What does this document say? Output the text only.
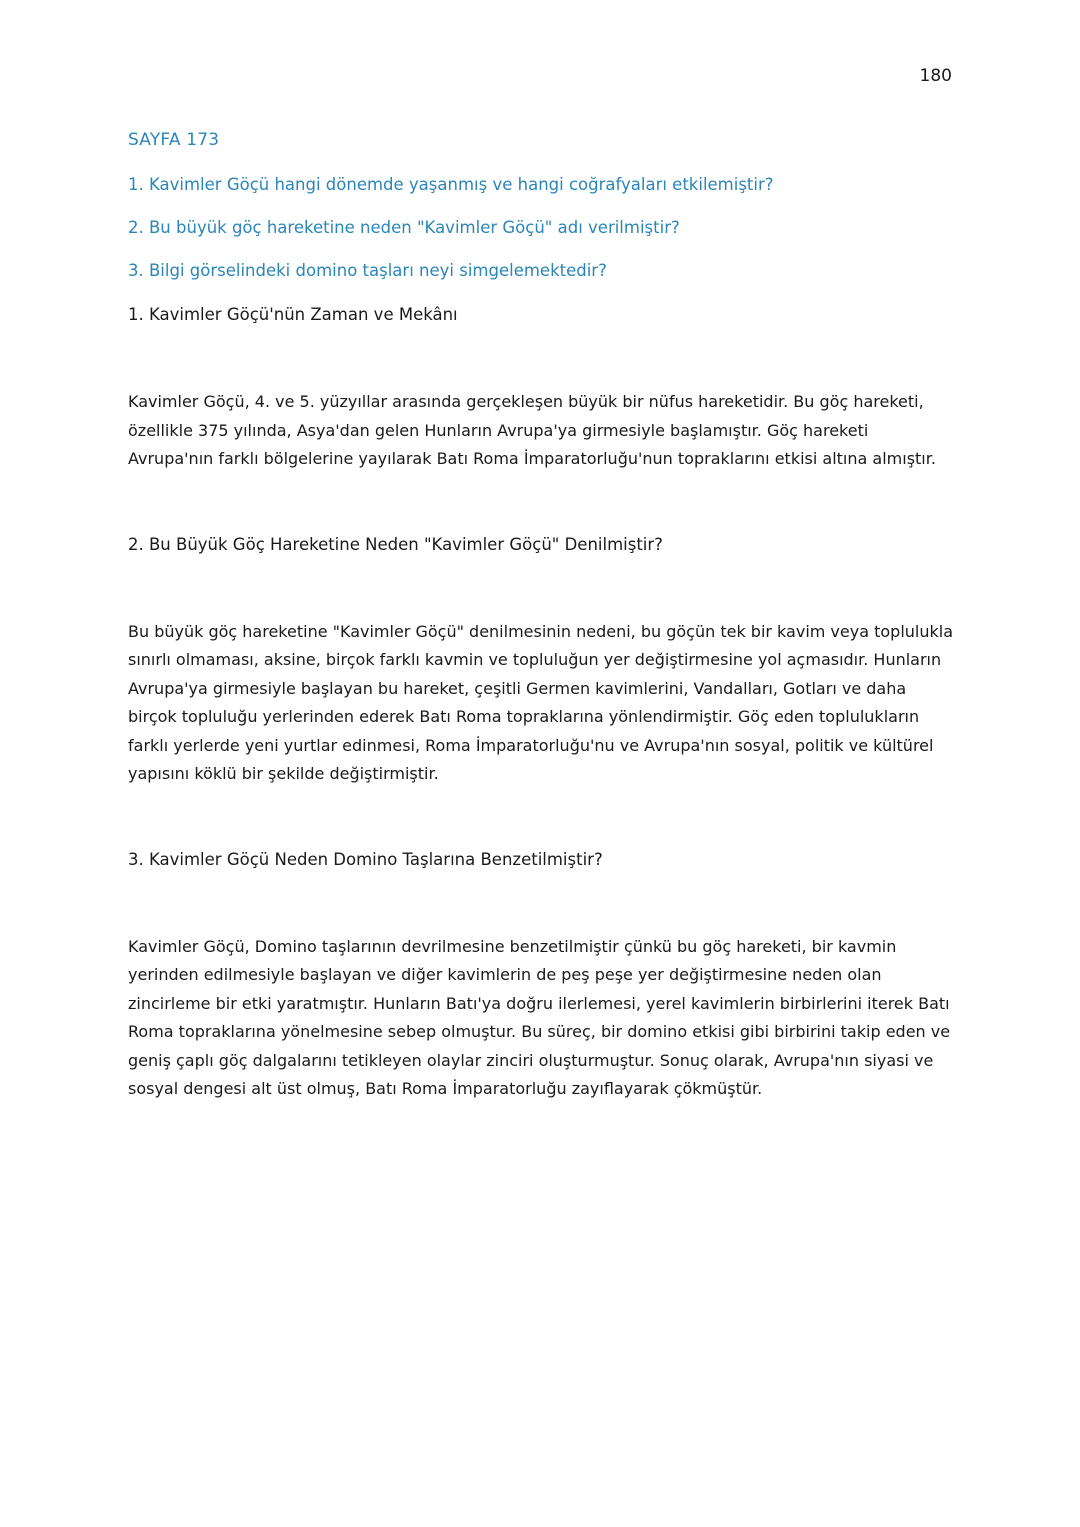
180

SAYFA 173

1. Kavimler Göçü hangi dönemde yaşanmış ve hangi coğrafyaları etkilemiştir?

2. Bu büyük göç hareketine neden "Kavimler Göçü" adı verilmiştir?

3. Bilgi görselindeki domino taşları neyi simgelemektedir?

1. Kavimler Göçü'nün Zaman ve Mekânı

Kavimler Göçü, 4. ve 5. yüzyıllar arasında gerçekleşen büyük bir nüfus hareketidir. Bu göç hareketi, özellikle 375 yılında, Asya'dan gelen Hunların Avrupa'ya girmesiyle başlamıştır. Göç hareketi Avrupa'nın farklı bölgelerine yayılarak Batı Roma İmparatorluğu'nun topraklarını etkisi altına almıştır.

2. Bu Büyük Göç Hareketine Neden "Kavimler Göçü" Denilmiştir?

Bu büyük göç hareketine "Kavimler Göçü" denilmesinin nedeni, bu göçün tek bir kavim veya toplulukla sınırlı olmaması, aksine, birçok farklı kavmin ve topluluğun yer değiştirmesine yol açmasıdır. Hunların Avrupa'ya girmesiyle başlayan bu hareket, çeşitli Germen kavimlerini, Vandalları, Gotları ve daha birçok topluluğu yerlerinden ederek Batı Roma topraklarına yönlendirmiştir. Göç eden toplulukların farklı yerlerde yeni yurtlar edinmesi, Roma İmparatorluğu'nu ve Avrupa'nın sosyal, politik ve kültürel yapısını köklü bir şekilde değiştirmiştir.

3. Kavimler Göçü Neden Domino Taşlarına Benzetilmiştir?

Kavimler Göçü, Domino taşlarının devrilmesine benzetilmiştir çünkü bu göç hareketi, bir kavmin yerinden edilmesiyle başlayan ve diğer kavimlerin de peş peşe yer değiştirmesine neden olan zincirleme bir etki yaratmıştır. Hunların Batı'ya doğru ilerlemesi, yerel kavimlerin birbirlerini iterek Batı Roma topraklarına yönelmesine sebep olmuştur. Bu süreç, bir domino etkisi gibi birbirini takip eden ve geniş çaplı göç dalgalarını tetikleyen olaylar zinciri oluşturmuştur. Sonuç olarak, Avrupa'nın siyasi ve sosyal dengesi alt üst olmuş, Batı Roma İmparatorluğu zayıflayarak çökmüştür.
